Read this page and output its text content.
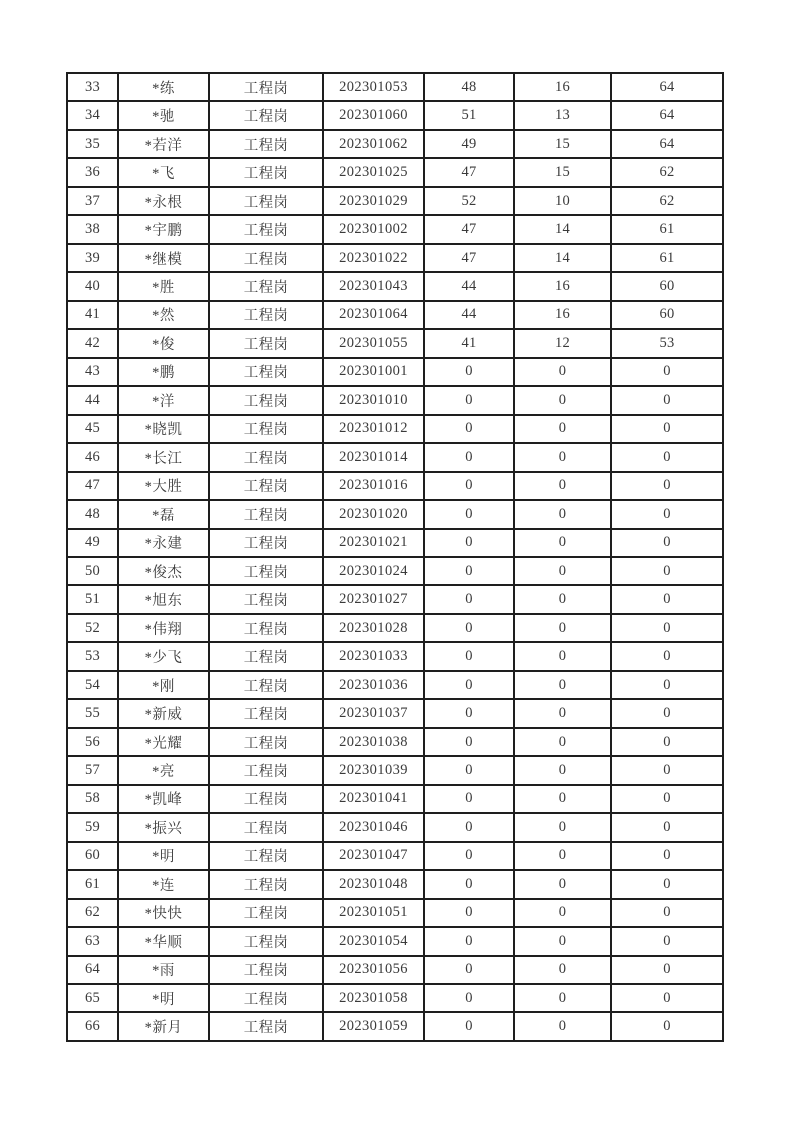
33	*练	工程岗	202301053	48	16	64
34	*驰	工程岗	202301060	51	13	64
35	*若洋	工程岗	202301062	49	15	64
36	*飞	工程岗	202301025	47	15	62
37	*永根	工程岗	202301029	52	10	62
38	*宇鹏	工程岗	202301002	47	14	61
39	*继模	工程岗	202301022	47	14	61
40	*胜	工程岗	202301043	44	16	60
41	*然	工程岗	202301064	44	16	60
42	*俊	工程岗	202301055	41	12	53
43	*鹏	工程岗	202301001	0	0	0
44	*洋	工程岗	202301010	0	0	0
45	*晓凯	工程岗	202301012	0	0	0
46	*长江	工程岗	202301014	0	0	0
47	*大胜	工程岗	202301016	0	0	0
48	*磊	工程岗	202301020	0	0	0
49	*永建	工程岗	202301021	0	0	0
50	*俊杰	工程岗	202301024	0	0	0
51	*旭东	工程岗	202301027	0	0	0
52	*伟翔	工程岗	202301028	0	0	0
53	*少飞	工程岗	202301033	0	0	0
54	*刚	工程岗	202301036	0	0	0
55	*新威	工程岗	202301037	0	0	0
56	*光耀	工程岗	202301038	0	0	0
57	*亮	工程岗	202301039	0	0	0
58	*凯峰	工程岗	202301041	0	0	0
59	*振兴	工程岗	202301046	0	0	0
60	*明	工程岗	202301047	0	0	0
61	*连	工程岗	202301048	0	0	0
62	*快快	工程岗	202301051	0	0	0
63	*华顺	工程岗	202301054	0	0	0
64	*雨	工程岗	202301056	0	0	0
65	*明	工程岗	202301058	0	0	0
66	*新月	工程岗	202301059	0	0	0
